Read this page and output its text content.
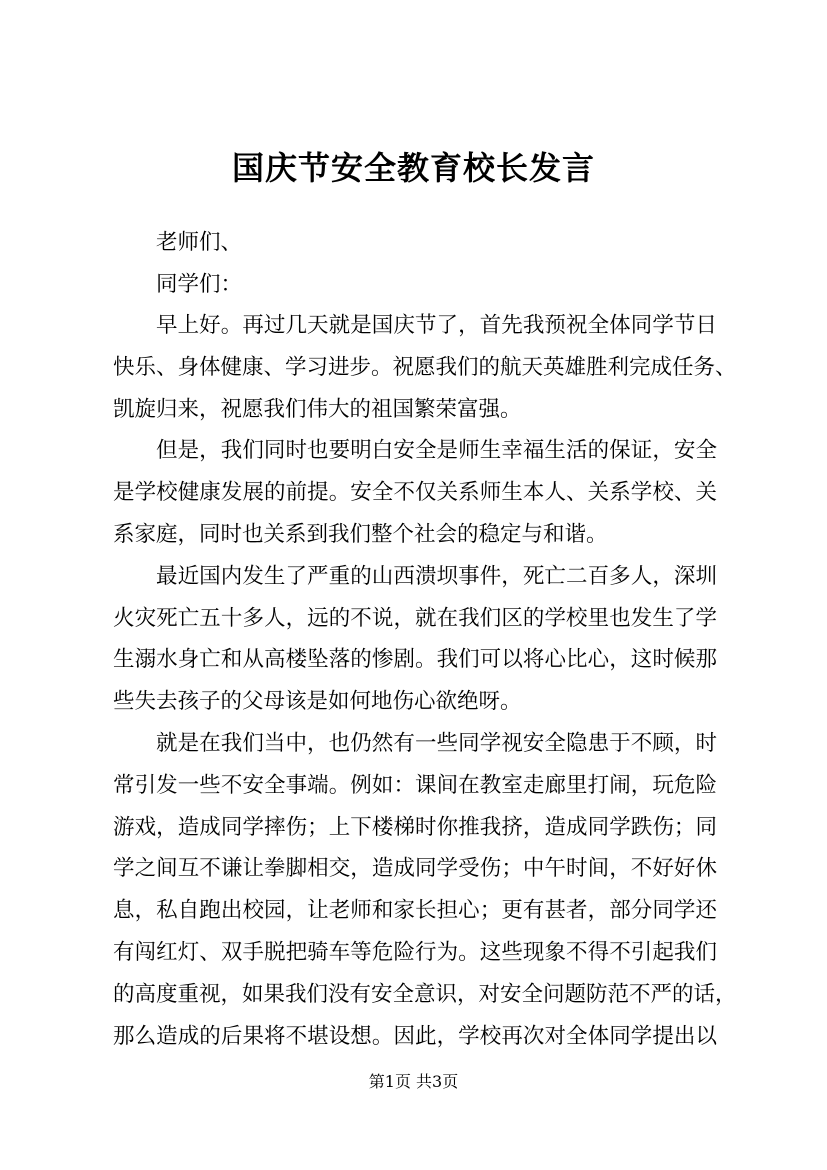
国庆节安全教育校长发言
老师们、
同学们：
早上好。再过几天就是国庆节了，首先我预祝全体同学节日
快乐、身体健康、学习进步。祝愿我们的航天英雄胜利完成任务、
凯旋归来，祝愿我们伟大的祖国繁荣富强。
但是，我们同时也要明白安全是师生幸福生活的保证，安全
是学校健康发展的前提。安全不仅关系师生本人、关系学校、关
系家庭，同时也关系到我们整个社会的稳定与和谐。
最近国内发生了严重的山西溃坝事件，死亡二百多人，深圳
火灾死亡五十多人，远的不说，就在我们区的学校里也发生了学
生溺水身亡和从高楼坠落的惨剧。我们可以将心比心，这时候那
些失去孩子的父母该是如何地伤心欲绝呀。
就是在我们当中，也仍然有一些同学视安全隐患于不顾，时
常引发一些不安全事端。例如：课间在教室走廊里打闹，玩危险
游戏，造成同学摔伤；上下楼梯时你推我挤，造成同学跌伤；同
学之间互不谦让拳脚相交，造成同学受伤；中午时间，不好好休
息，私自跑出校园，让老师和家长担心；更有甚者，部分同学还
有闯红灯、双手脱把骑车等危险行为。这些现象不得不引起我们
的高度重视，如果我们没有安全意识，对安全问题防范不严的话，
那么造成的后果将不堪设想。因此，学校再次对全体同学提出以
第1页 共3页
